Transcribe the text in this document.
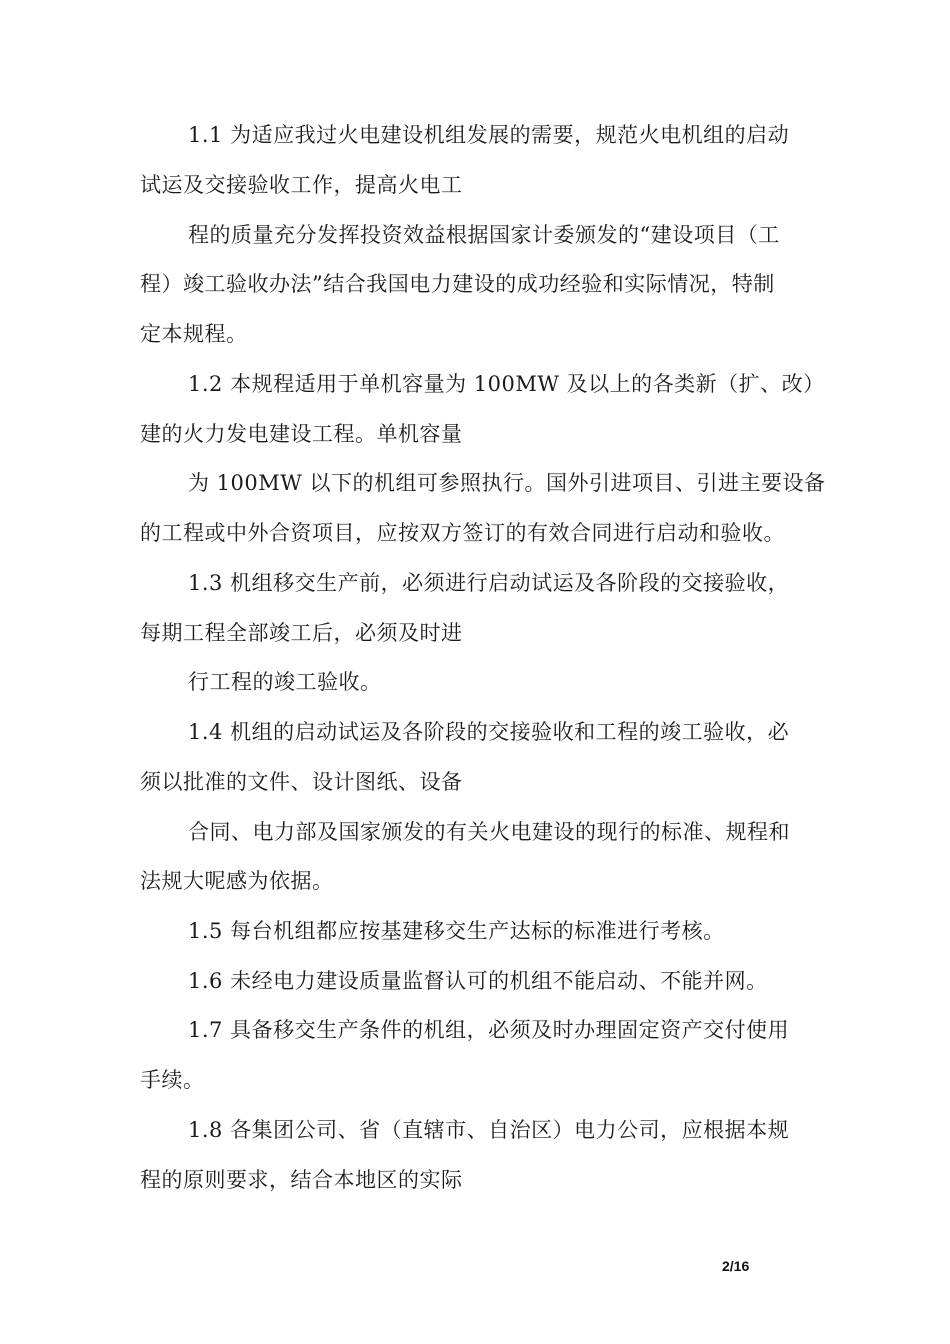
1.1 为适应我过火电建设机组发展的需要，规范火电机组的启动
试运及交接验收工作，提高火电工
程的质量充分发挥投资效益根据国家计委颁发的“建设项目（工
程）竣工验收办法”结合我国电力建设的成功经验和实际情况，特制
定本规程。
1.2 本规程适用于单机容量为 100MW 及以上的各类新（扩、改）
建的火力发电建设工程。单机容量
为 100MW 以下的机组可参照执行。国外引进项目、引进主要设备
的工程或中外合资项目，应按双方签订的有效合同进行启动和验收。
1.3 机组移交生产前，必须进行启动试运及各阶段的交接验收，
每期工程全部竣工后，必须及时进
行工程的竣工验收。
1.4 机组的启动试运及各阶段的交接验收和工程的竣工验收，必
须以批准的文件、设计图纸、设备
合同、电力部及国家颁发的有关火电建设的现行的标准、规程和
法规大呢感为依据。
1.5 每台机组都应按基建移交生产达标的标准进行考核。
1.6 未经电力建设质量监督认可的机组不能启动、不能并网。
1.7 具备移交生产条件的机组，必须及时办理固定资产交付使用
手续。
1.8 各集团公司、省（直辖市、自治区）电力公司，应根据本规
程的原则要求，结合本地区的实际
2/16
